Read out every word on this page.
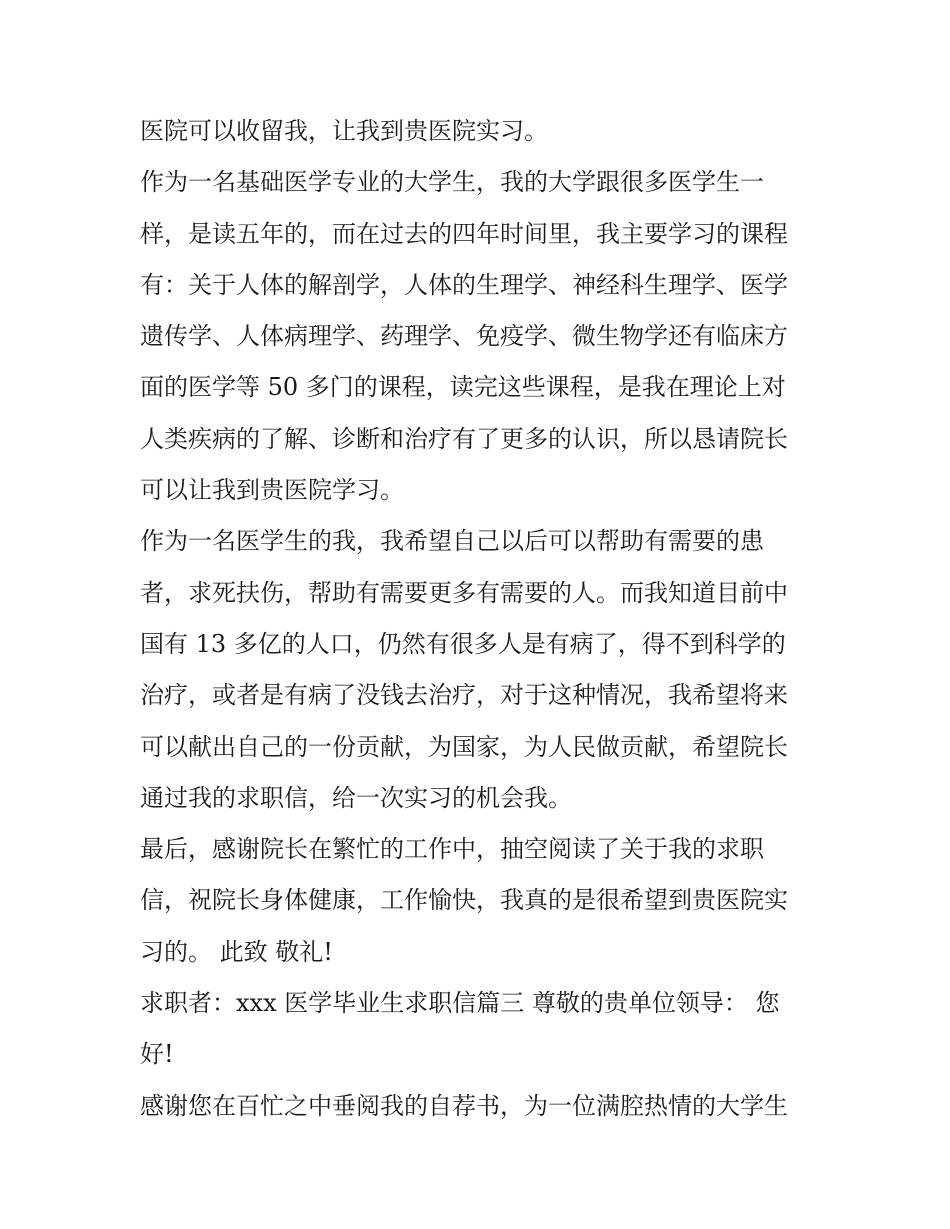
医院可以收留我，让我到贵医院实习。
作为一名基础医学专业的大学生，我的大学跟很多医学生一
样，是读五年的，而在过去的四年时间里，我主要学习的课程
有：关于人体的解剖学，人体的生理学、神经科生理学、医学
遗传学、人体病理学、药理学、免疫学、微生物学还有临床方
面的医学等 50 多门的课程，读完这些课程，是我在理论上对
人类疾病的了解、诊断和治疗有了更多的认识，所以恳请院长
可以让我到贵医院学习。
作为一名医学生的我，我希望自己以后可以帮助有需要的患
者，求死扶伤，帮助有需要更多有需要的人。而我知道目前中
国有 13 多亿的人口，仍然有很多人是有病了，得不到科学的
治疗，或者是有病了没钱去治疗，对于这种情况，我希望将来
可以献出自己的一份贡献，为国家，为人民做贡献，希望院长
通过我的求职信，给一次实习的机会我。
最后，感谢院长在繁忙的工作中，抽空阅读了关于我的求职
信，祝院长身体健康，工作愉快，我真的是很希望到贵医院实
习的。 此致 敬礼!
求职者：xxx 医学毕业生求职信篇三 尊敬的贵单位领导： 您
好!
感谢您在百忙之中垂阅我的自荐书，为一位满腔热情的大学生
